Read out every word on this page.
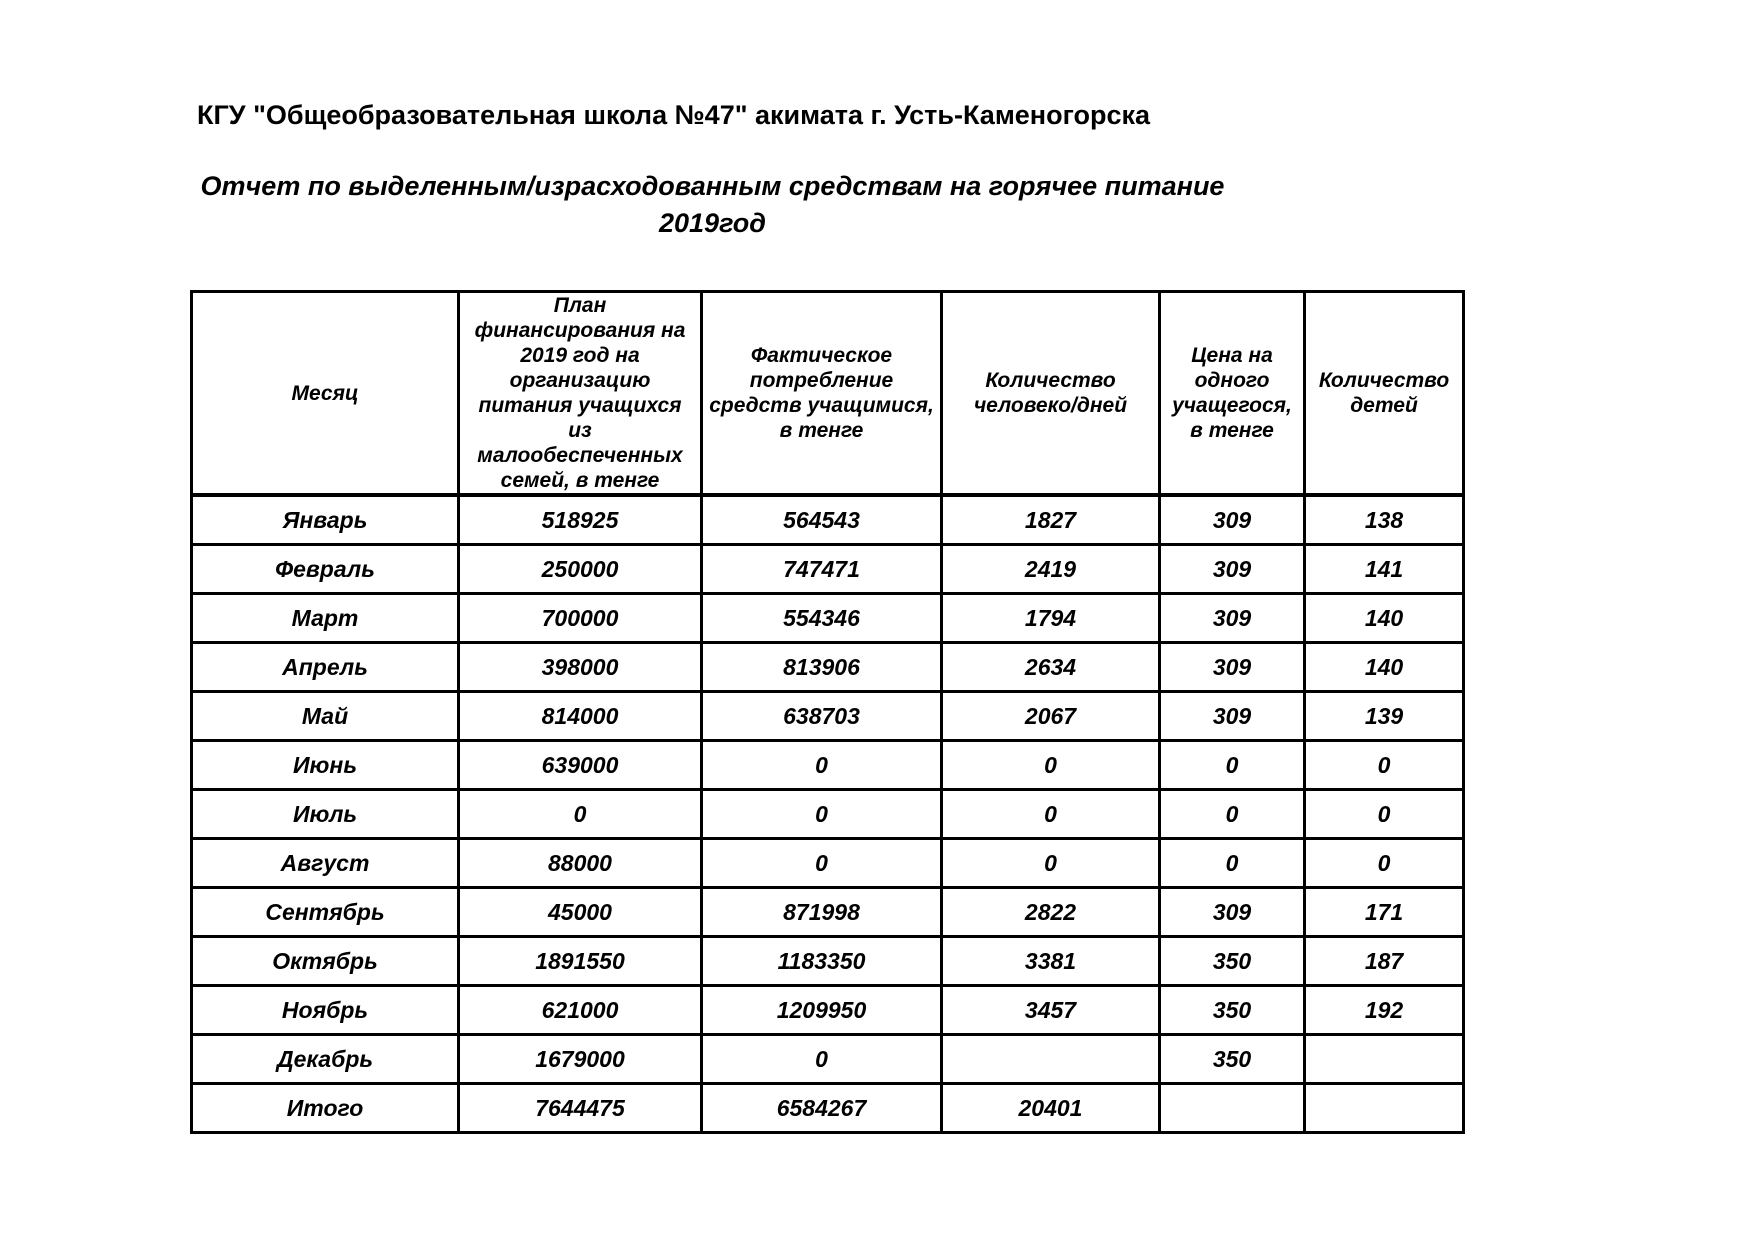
КГУ "Общеобразовательная школа №47" акимата г. Усть-Каменогорска
Отчет по выделенным/израсходованным средствам на горячее питание
2019год
Месяц	План финансирования на 2019 год на организацию питания учащихся из малообеспеченных семей, в тенге	Фактическое потребление средств учащимися, в тенге	Количество человеко/дней	Цена на одного учащегося, в тенге	Количество детей
Январь	518925	564543	1827	309	138
Февраль	250000	747471	2419	309	141
Март	700000	554346	1794	309	140
Апрель	398000	813906	2634	309	140
Май	814000	638703	2067	309	139
Июнь	639000	0	0	0	0
Июль	0	0	0	0	0
Август	88000	0	0	0	0
Сентябрь	45000	871998	2822	309	171
Октябрь	1891550	1183350	3381	350	187
Ноябрь	621000	1209950	3457	350	192
Декабрь	1679000	0		350	
Итого	7644475	6584267	20401		
